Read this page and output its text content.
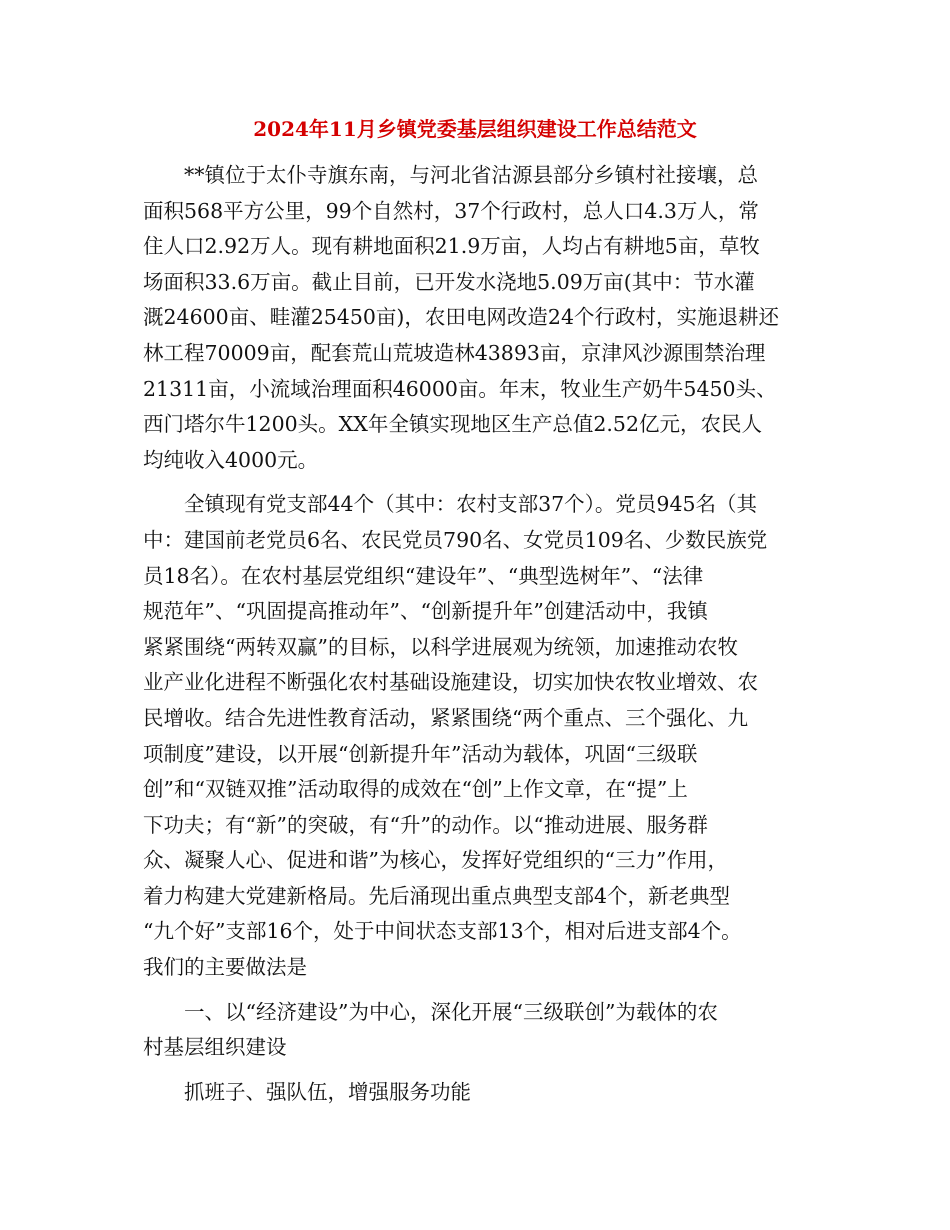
2024年11月乡镇党委基层组织建设工作总结范文
**镇位于太仆寺旗东南，与河北省沽源县部分乡镇村社接壤，总
面积568平方公里，99个自然村，37个行政村，总人口4.3万人，常
住人口2.92万人。现有耕地面积21.9万亩，人均占有耕地5亩，草牧
场面积33.6万亩。截止目前，已开发水浇地5.09万亩(其中：节水灌
溉24600亩、畦灌25450亩)，农田电网改造24个行政村，实施退耕还
林工程70009亩，配套荒山荒坡造林43893亩，京津风沙源围禁治理
21311亩，小流域治理面积46000亩。年末，牧业生产奶牛5450头、
西门塔尔牛1200头。XX年全镇实现地区生产总值2.52亿元，农民人
均纯收入4000元。
全镇现有党支部44个（其中：农村支部37个）。党员945名（其
中：建国前老党员6名、农民党员790名、女党员109名、少数民族党
员18名）。在农村基层党组织“建设年”、“典型选树年”、“法律
规范年”、“巩固提高推动年”、“创新提升年”创建活动中，我镇
紧紧围绕“两转双赢”的目标，以科学进展观为统领，加速推动农牧
业产业化进程不断强化农村基础设施建设，切实加快农牧业增效、农
民增收。结合先进性教育活动，紧紧围绕“两个重点、三个强化、九
项制度”建设，以开展“创新提升年”活动为载体，巩固“三级联
创”和“双链双推”活动取得的成效在“创”上作文章，在“提”上
下功夫；有“新”的突破，有“升”的动作。以“推动进展、服务群
众、凝聚人心、促进和谐”为核心，发挥好党组织的“三力”作用，
着力构建大党建新格局。先后涌现出重点典型支部4个，新老典型
“九个好”支部16个，处于中间状态支部13个，相对后进支部4个。
我们的主要做法是
一、以“经济建设”为中心，深化开展“三级联创”为载体的农
村基层组织建设
抓班子、强队伍，增强服务功能
